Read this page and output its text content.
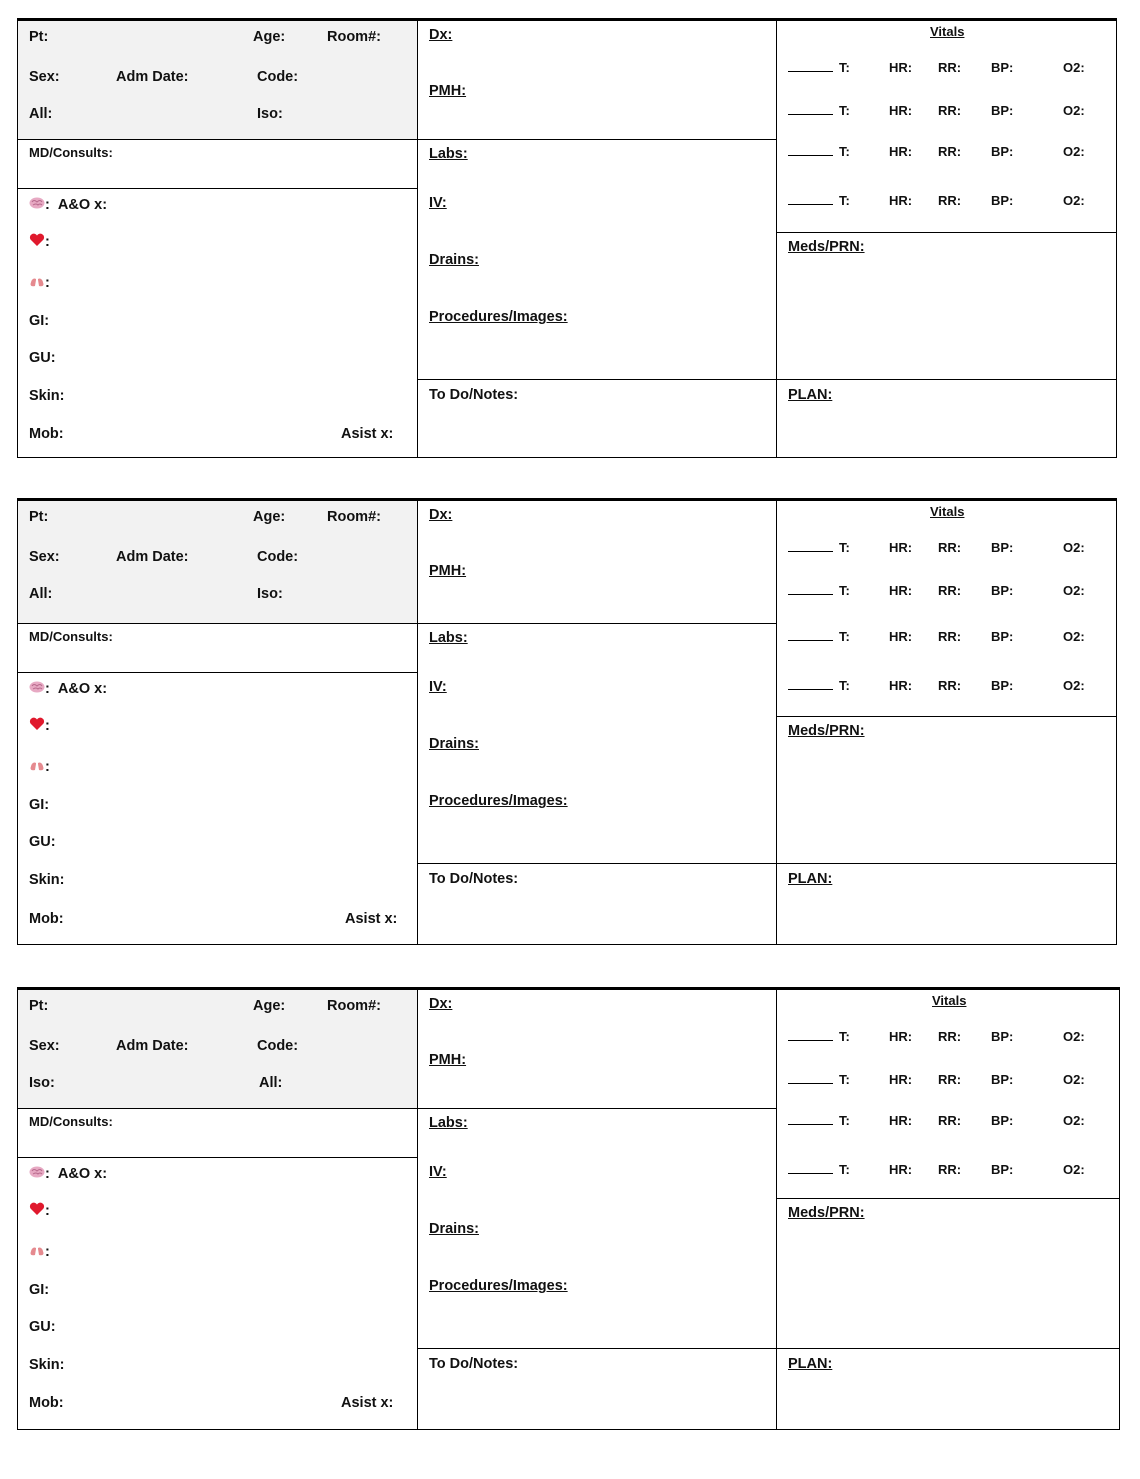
Pt:	Age:	Room#:
Sex:	Adm Date:	Code:
All:	Iso:
MD/Consults:
: A&O x:
:
:
GI:
GU:
Skin:
Mob:	Asist x:
Dx:
PMH:
Labs:
IV:
Drains:
Procedures/Images:
To Do/Notes:
Vitals
T:	HR: RR: BP:	O2:
T:	HR: RR: BP:	O2:
T:	HR: RR: BP:	O2:
T:	HR: RR: BP:	O2:
Meds/PRN:
PLAN:
Pt:	Age:	Room#:
Sex:	Adm Date:	Code:
All:	Iso:
MD/Consults:
: A&O x:
:
:
GI:
GU:
Skin:
Mob:	Asist x:
Dx:
PMH:
Labs:
IV:
Drains:
Procedures/Images:
To Do/Notes:
Vitals
T:	HR: RR: BP:	O2:
T:	HR: RR: BP:	O2:
T:	HR: RR: BP:	O2:
T:	HR: RR: BP:	O2:
Meds/PRN:
PLAN:
Pt:	Age:	Room#:
Sex:	Adm Date:	Code:
Iso:	All:
MD/Consults:
: A&O x:
:
:
GI:
GU:
Skin:
Mob:	Asist x:
Dx:
PMH:
Labs:
IV:
Drains:
Procedures/Images:
To Do/Notes:
Vitals
T:	HR: RR: BP:	O2:
T:	HR: RR: BP:	O2:
T:	HR: RR: BP:	O2:
T:	HR: RR: BP:	O2:
Meds/PRN:
PLAN:
